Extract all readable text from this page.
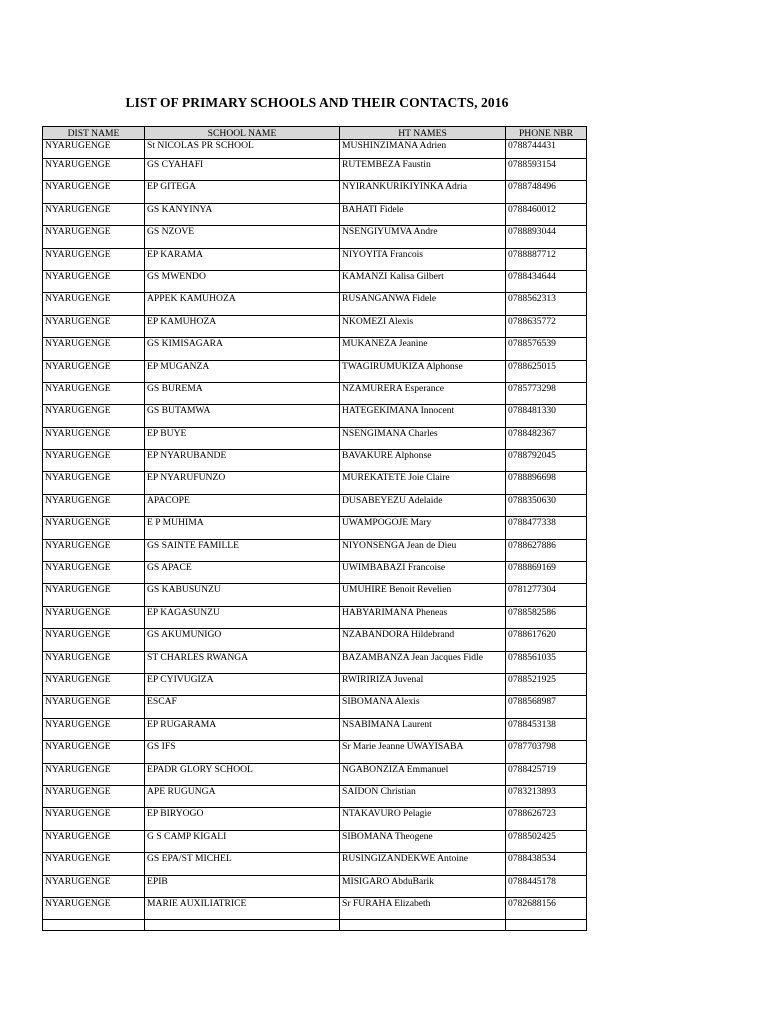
LIST OF PRIMARY SCHOOLS AND THEIR CONTACTS, 2016
DIST NAME	SCHOOL NAME	HT NAMES	PHONE NBR
NYARUGENGE	St NICOLAS PR SCHOOL	MUSHINZIMANA Adrien	0788744431
NYARUGENGE	GS CYAHAFI	RUTEMBEZA Faustin	0788593154
NYARUGENGE	EP GITEGA	NYIRANKURIKIYINKA Adria	0788748496
NYARUGENGE	GS KANYINYA	BAHATI Fidele	0788460012
NYARUGENGE	GS NZOVE	NSENGIYUMVA Andre	0788893044
NYARUGENGE	EP KARAMA	NIYOYITA Francois	0788887712
NYARUGENGE	GS MWENDO	KAMANZI Kalisa Gilbert	0788434644
NYARUGENGE	APPEK KAMUHOZA	RUSANGANWA Fidele	0788562313
NYARUGENGE	EP KAMUHOZA	NKOMEZI Alexis	0788635772
NYARUGENGE	GS KIMISAGARA	MUKANEZA Jeanine	0788576539
NYARUGENGE	EP MUGANZA	TWAGIRUMUKIZA Alphonse	0788625015
NYARUGENGE	GS BUREMA	NZAMURERA Esperance	0785773298
NYARUGENGE	GS BUTAMWA	HATEGEKIMANA Innocent	0788481330
NYARUGENGE	EP BUYE	NSENGIMANA Charles	0788482367
NYARUGENGE	EP NYARUBANDE	BAVAKURE Alphonse	0788792045
NYARUGENGE	EP NYARUFUNZO	MUREKATETE Joie Claire	0788896698
NYARUGENGE	APACOPE	DUSABEYEZU Adelaide	0788350630
NYARUGENGE	E P MUHIMA	UWAMPOGOJE Mary	0788477338
NYARUGENGE	GS SAINTE FAMILLE	NIYONSENGA Jean de Dieu	0788627886
NYARUGENGE	GS APACE	UWIMBABAZI Francoise	0788869169
NYARUGENGE	GS KABUSUNZU	UMUHIRE Benoit Revelien	0781277304
NYARUGENGE	EP KAGASUNZU	HABYARIMANA Pheneas	0788582586
NYARUGENGE	GS AKUMUNIGO	NZABANDORA Hildebrand	0788617620
NYARUGENGE	ST CHARLES RWANGA	BAZAMBANZA Jean Jacques Fidle	0788561035
NYARUGENGE	EP CYIVUGIZA	RWIRIRIZA Juvenal	0788521925
NYARUGENGE	ESCAF	SIBOMANA Alexis	0788568987
NYARUGENGE	EP RUGARAMA	NSABIMANA Laurent	0788453138
NYARUGENGE	GS IFS	Sr Marie Jeanne UWAYISABA	0787703798
NYARUGENGE	EPADR GLORY SCHOOL	NGABONZIZA Emmanuel	0788425719
NYARUGENGE	APE RUGUNGA	SAIDON Christian	0783213893
NYARUGENGE	EP BIRYOGO	NTAKAVURO Pelagie	0788626723
NYARUGENGE	G S CAMP KIGALI	SIBOMANA Theogene	0788502425
NYARUGENGE	GS EPA/ST MICHEL	RUSINGIZANDEKWE Antoine	0788438534
NYARUGENGE	EPIB	MISIGARO AbduBarik	0788445178
NYARUGENGE	MARIE AUXILIATRICE	Sr FURAHA Elizabeth	0782688156
